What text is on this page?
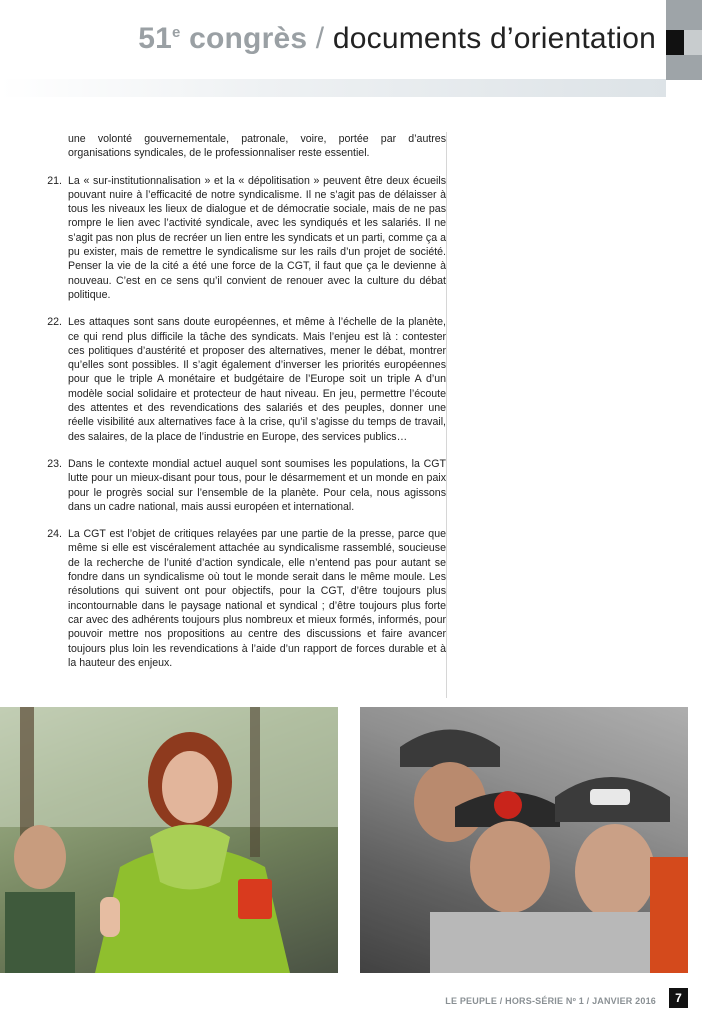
51e congrès / documents d’orientation

une volonté gouvernementale, patronale, voire, portée par d’autres organisations syndicales, de le professionnaliser reste essentiel.

21. La « sur-institutionnalisation » et la « dépolitisation » peuvent être deux écueils pouvant nuire à l’efficacité de notre syndicalisme. Il ne s’agit pas de délaisser à tous les niveaux les lieux de dialogue et de démocratie sociale, mais de ne pas rompre le lien avec l’activité syndicale, avec les syndiqués et les salariés. Il ne s’agit pas non plus de recréer un lien entre les syndicats et un parti, comme ça a pu exister, mais de remettre le syndicalisme sur les rails d’un projet de société. Penser la vie de la cité a été une force de la CGT, il faut que ça le devienne à nouveau. C’est en ce sens qu’il convient de renouer avec la culture du débat politique.

22. Les attaques sont sans doute européennes, et même à l’échelle de la planète, ce qui rend plus difficile la tâche des syndicats. Mais l’enjeu est là : contester ces politiques d’austérité et proposer des alternatives, mener le débat, montrer qu’elles sont possibles. Il s’agit également d’inverser les priorités européennes pour que le triple A monétaire et budgétaire de l’Europe soit un triple A d’un modèle social solidaire et protecteur de haut niveau. En jeu, permettre l’écoute des attentes et des revendications des salariés et des peuples, donner une réelle visibilité aux alternatives face à la crise, qu’il s’agisse du temps de travail, des salaires, de la place de l’industrie en Europe, des services publics…

23. Dans le contexte mondial actuel auquel sont soumises les populations, la CGT lutte pour un mieux-disant pour tous, pour le désarmement et un monde en paix pour le progrès social sur l’ensemble de la planète. Pour cela, nous agissons dans un cadre national, mais aussi européen et international.

24. La CGT est l’objet de critiques relayées par une partie de la presse, parce que même si elle est viscéralement attachée au syndicalisme rassemblé, soucieuse de la recherche de l’unité d’action syndicale, elle n’entend pas pour autant se fondre dans un syndicalisme où tout le monde serait dans le même moule. Les résolutions qui suivent ont pour objectifs, pour la CGT, d’être toujours plus incontournable dans le paysage national et syndical ; d’être toujours plus forte car avec des adhérents toujours plus nombreux et mieux formés, informés, pour pouvoir mettre nos propositions au centre des discussions et faire avancer toujours plus loin les revendications à l’aide d’un rapport de forces durable et à la hauteur des enjeux.

LE PEUPLE / HORS-SÉRIE Nº 1 / JANVIER 2016	7
